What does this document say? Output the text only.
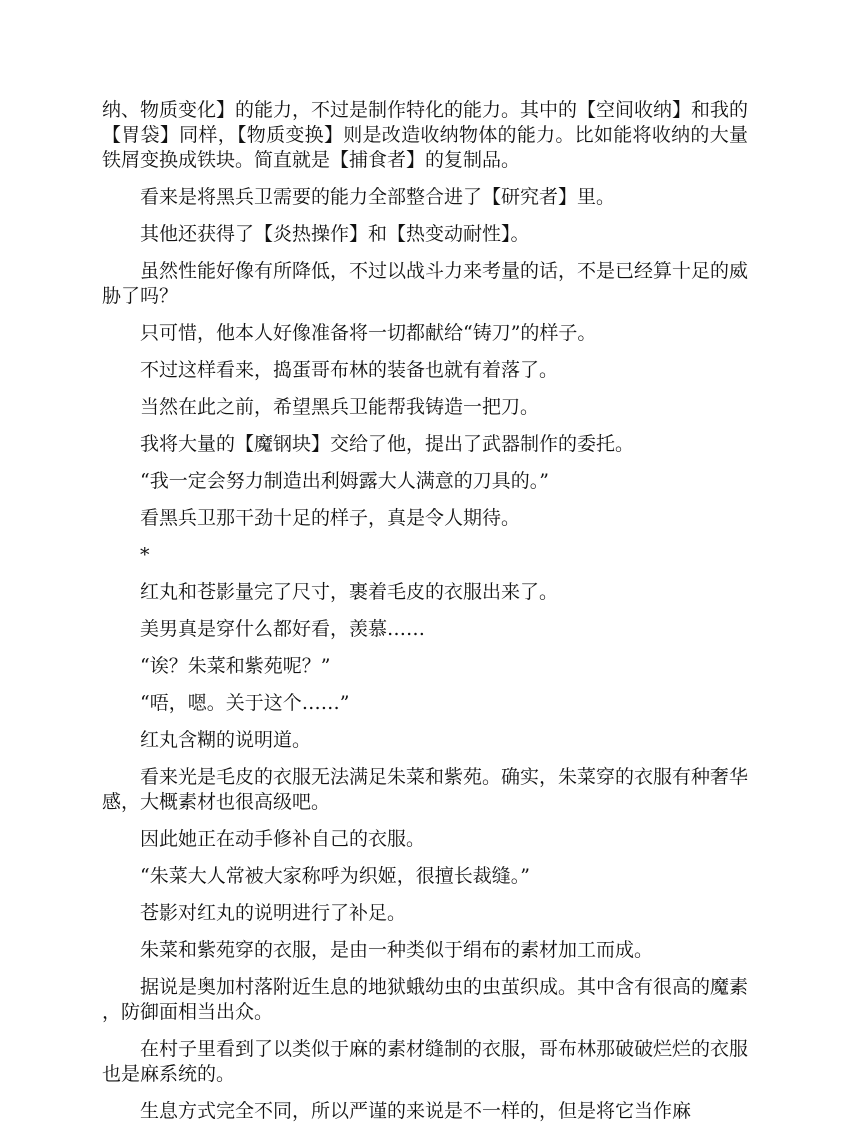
纳、物质变化】的能力，不过是制作特化的能力。其中的【空间收纳】和我的【胃袋】同样，【物质变换】则是改造收纳物体的能力。比如能将收纳的大量铁屑变换成铁块。简直就是【捕食者】的复制品。

看来是将黑兵卫需要的能力全部整合进了【研究者】里。

其他还获得了【炎热操作】和【热变动耐性】。

虽然性能好像有所降低，不过以战斗力来考量的话，不是已经算十足的威胁了吗？

只可惜，他本人好像准备将一切都献给“铸刀”的样子。

不过这样看来，捣蛋哥布林的装备也就有着落了。

当然在此之前，希望黑兵卫能帮我铸造一把刀。

我将大量的【魔钢块】交给了他，提出了武器制作的委托。

“我一定会努力制造出利姆露大人满意的刀具的。”

看黑兵卫那干劲十足的样子，真是令人期待。

*

红丸和苍影量完了尺寸，裹着毛皮的衣服出来了。

美男真是穿什么都好看，羡慕……

“诶？朱菜和紫苑呢？”

“唔，嗯。关于这个……”

红丸含糊的说明道。

看来光是毛皮的衣服无法满足朱菜和紫苑。确实，朱菜穿的衣服有种奢华感，大概素材也很高级吧。

因此她正在动手修补自己的衣服。

“朱菜大人常被大家称呼为织姬，很擅长裁缝。”

苍影对红丸的说明进行了补足。

朱菜和紫苑穿的衣服，是由一种类似于绢布的素材加工而成。

据说是奥加村落附近生息的地狱蛾幼虫的虫茧织成。其中含有很高的魔素，防御面相当出众。

在村子里看到了以类似于麻的素材缝制的衣服，哥布林那破破烂烂的衣服也是麻系统的。

生息方式完全不同，所以严谨的来说是不一样的，但是将它当作麻
